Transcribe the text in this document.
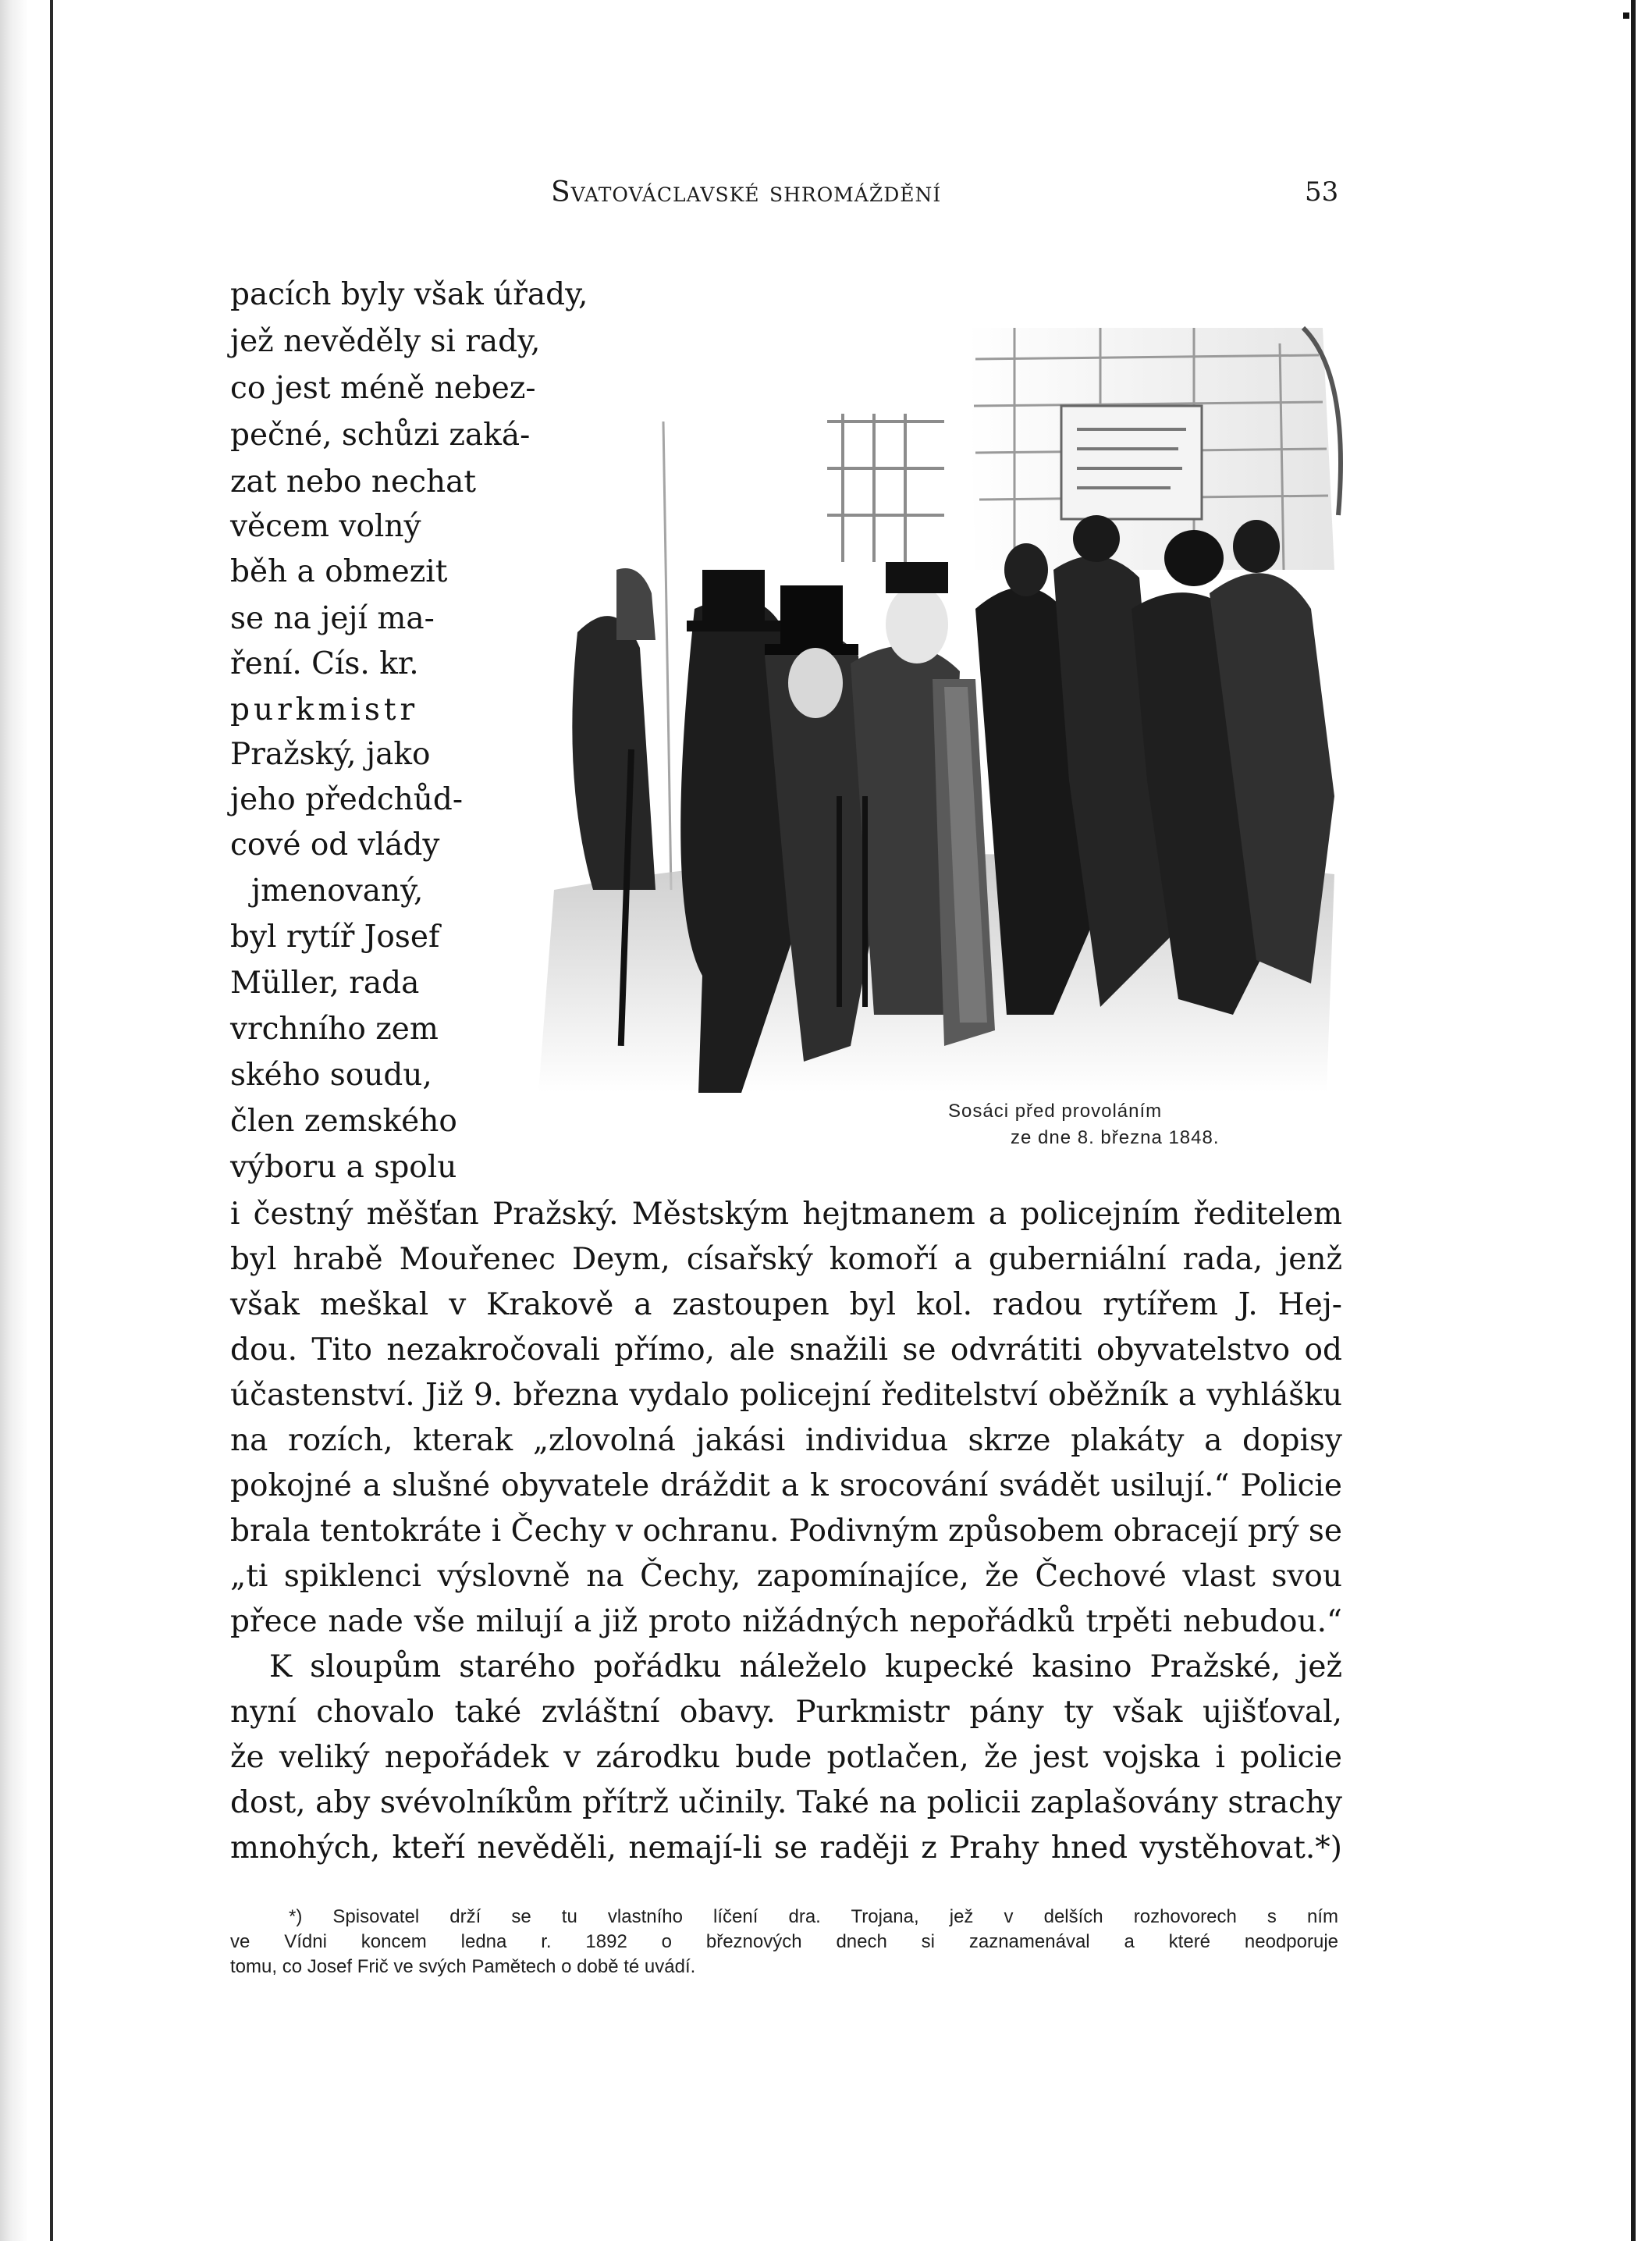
Svatováclavské shromáždění	53
pacích byly však úřady,
jež nevěděly si rady,
co jest méně nebez-
pečné, schůzi zaká-
zat nebo nechat
věcem volný
běh a obmezit
se na její ma-
ření. Cís. kr.
purkmistr
Pražský, jako
jeho předchůd-
cové od vlády
jmenovaný,
byl rytíř Josef
Müller, rada
vrchního zem
ského soudu,
člen zemského
výboru a spolu
Sosáci před provoláním
ze dne 8. března 1848.
i čestný měšťan Pražský. Městským hejtmanem a policejním ředitelem
byl hrabě Mouřenec Deym, císařský komoří a guberniální rada, jenž
však meškal v Krakově a zastoupen byl kol. radou rytířem J. Hej-
dou. Tito nezakročovali přímo, ale snažili se odvrátiti obyvatelstvo od
účastenství. Již 9. března vydalo policejní ředitelství oběžník a vyhlášku
na rozích, kterak „zlovolná jakási individua skrze plakáty a dopisy
pokojné a slušné obyvatele dráždit a k srocování svádět usilují.“ Policie
brala tentokráte i Čechy v ochranu. Podivným způsobem obracejí prý se
„ti spiklenci výslovně na Čechy, zapomínajíce, že Čechové vlast svou
přece nade vše milují a již proto nižádných nepořádků trpěti nebudou.“
K sloupům starého pořádku náleželo kupecké kasino Pražské, jež
nyní chovalo také zvláštní obavy. Purkmistr pány ty však ujišťoval,
že veliký nepořádek v zárodku bude potlačen, že jest vojska i policie
dost, aby svévolníkům přítrž učinily. Také na policii zaplašovány strachy
mnohých, kteří nevěděli, nemají-li se raději z Prahy hned vystěhovat.*)
*) Spisovatel drží se tu vlastního líčení dra. Trojana, jež v delších rozhovorech s ním
ve Vídni koncem ledna r. 1892 o březnových dnech si zaznamenával a které neodporuje
tomu, co Josef Frič ve svých Pamětech o době té uvádí.
